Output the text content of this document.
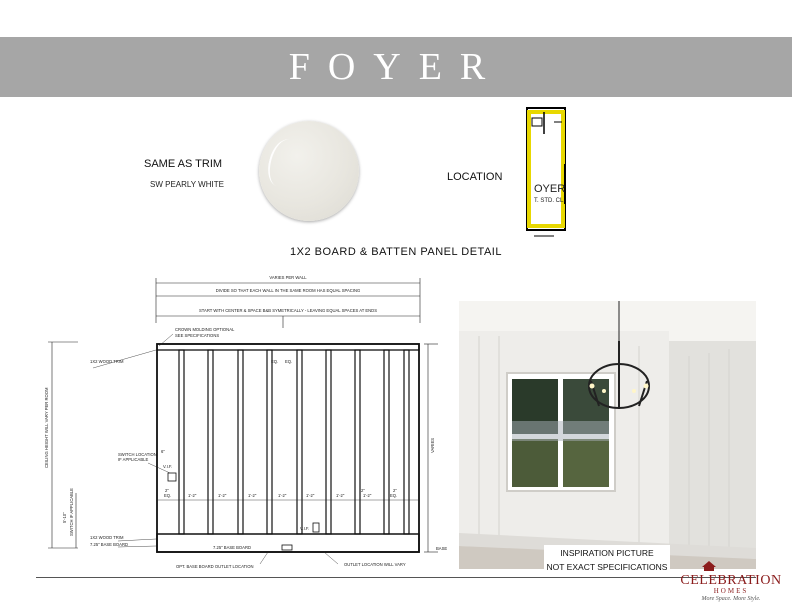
FOYER
SAME AS TRIM
SW PEARLY WHITE
LOCATION
OYER
T. STD. CL.
1X2 BOARD & BATTEN PANEL DETAIL
VARIES PER WALL
DIVIDE SO THAT EACH WALL IN THE SAME ROOM HAS EQUAL SPACING
START WITH CENTER & SPACE B&B SYMETRICALLY - LEAVING EQUAL SPACES AT ENDS
CROWN MOLDING OPTIONAL
SEE SPECIFICATIONS
1X2 WOOD TRIM
CEILING HEIGHT WILL VARY PER ROOM	VARIES
SWITCH LOCATION
IF APPLICABLE
V.I.F.
6"
SWITCH IF APPLICABLE
5'-10"
EQ. EQ.
EQ.
2"
1'-2"	1'-2"	1'-2"	1'-2"	1'-2"	1'-2"
2"
1'-2"
2"
EQ.
V.I.F.
1X2 WOOD TRIM
7.25" BASE BOARD
7.25" BASE BOARD
OPT. BASE BOARD OUTLET LOCATION	OUTLET LOCATION WILL VARY
BASE	INSPIRATION PICTURE
NOT EXACT SPECIFICATIONS
CELEBRATION
HOMES
More Space. More Style.
